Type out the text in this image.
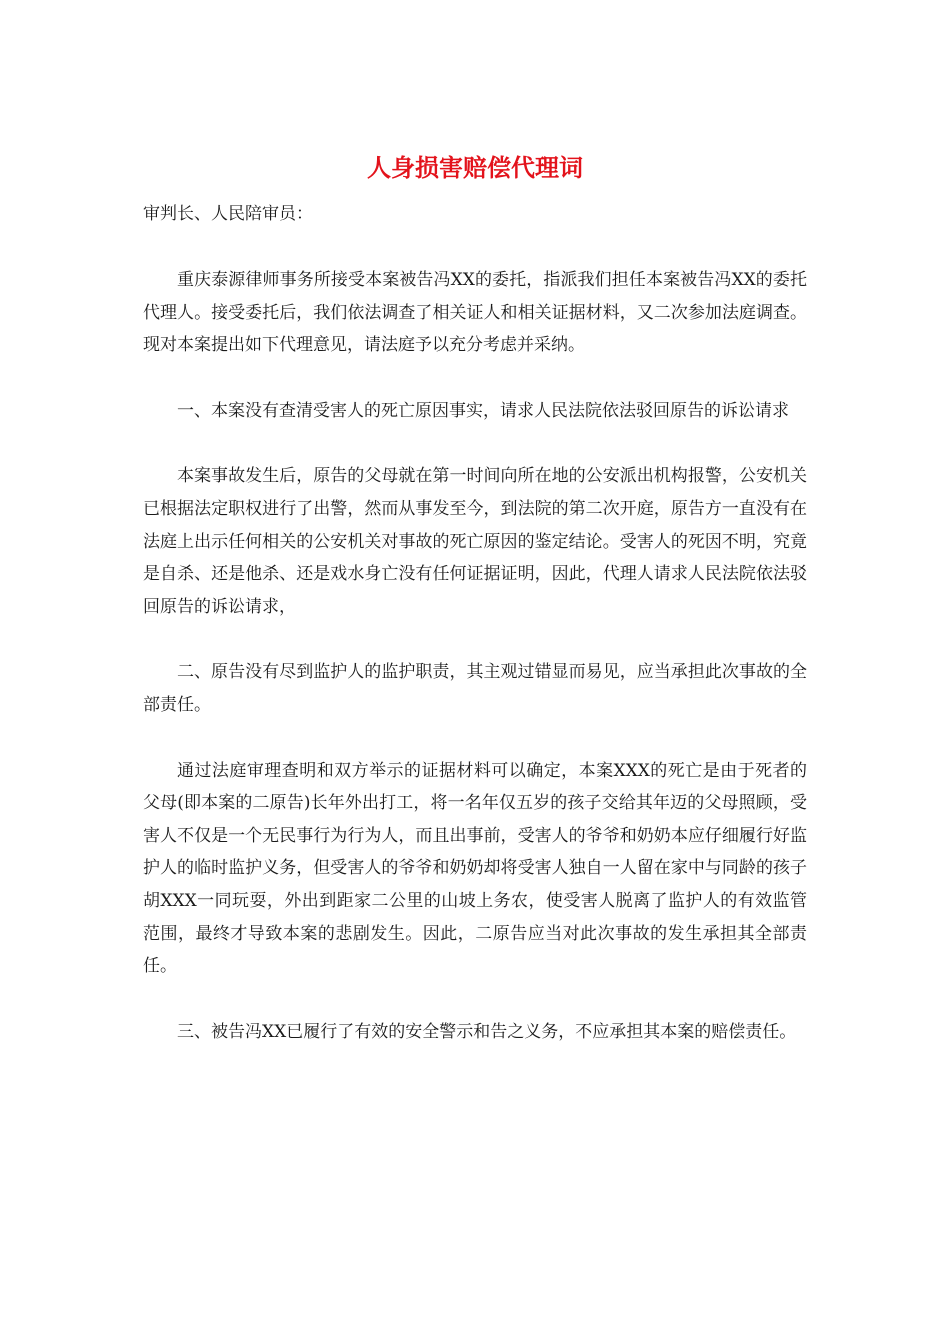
人身损害赔偿代理词

审判长、人民陪审员：

重庆泰源律师事务所接受本案被告冯XX的委托，指派我们担任本案被告冯XX的委托代理人。接受委托后，我们依法调查了相关证人和相关证据材料，又二次参加法庭调查。现对本案提出如下代理意见，请法庭予以充分考虑并采纳。

一、本案没有查清受害人的死亡原因事实，请求人民法院依法驳回原告的诉讼请求

本案事故发生后，原告的父母就在第一时间向所在地的公安派出机构报警，公安机关已根据法定职权进行了出警，然而从事发至今，到法院的第二次开庭，原告方一直没有在法庭上出示任何相关的公安机关对事故的死亡原因的鉴定结论。受害人的死因不明，究竟是自杀、还是他杀、还是戏水身亡没有任何证据证明，因此，代理人请求人民法院依法驳回原告的诉讼请求，

二、原告没有尽到监护人的监护职责，其主观过错显而易见，应当承担此次事故的全部责任。

通过法庭审理查明和双方举示的证据材料可以确定，本案XXX的死亡是由于死者的父母(即本案的二原告)长年外出打工，将一名年仅五岁的孩子交给其年迈的父母照顾，受害人不仅是一个无民事行为行为人，而且出事前，受害人的爷爷和奶奶本应仔细履行好监护人的临时监护义务，但受害人的爷爷和奶奶却将受害人独自一人留在家中与同龄的孩子胡XXX一同玩耍，外出到距家二公里的山坡上务农，使受害人脱离了监护人的有效监管范围，最终才导致本案的悲剧发生。因此，二原告应当对此次事故的发生承担其全部责任。

三、被告冯XX已履行了有效的安全警示和告之义务，不应承担其本案的赔偿责任。
